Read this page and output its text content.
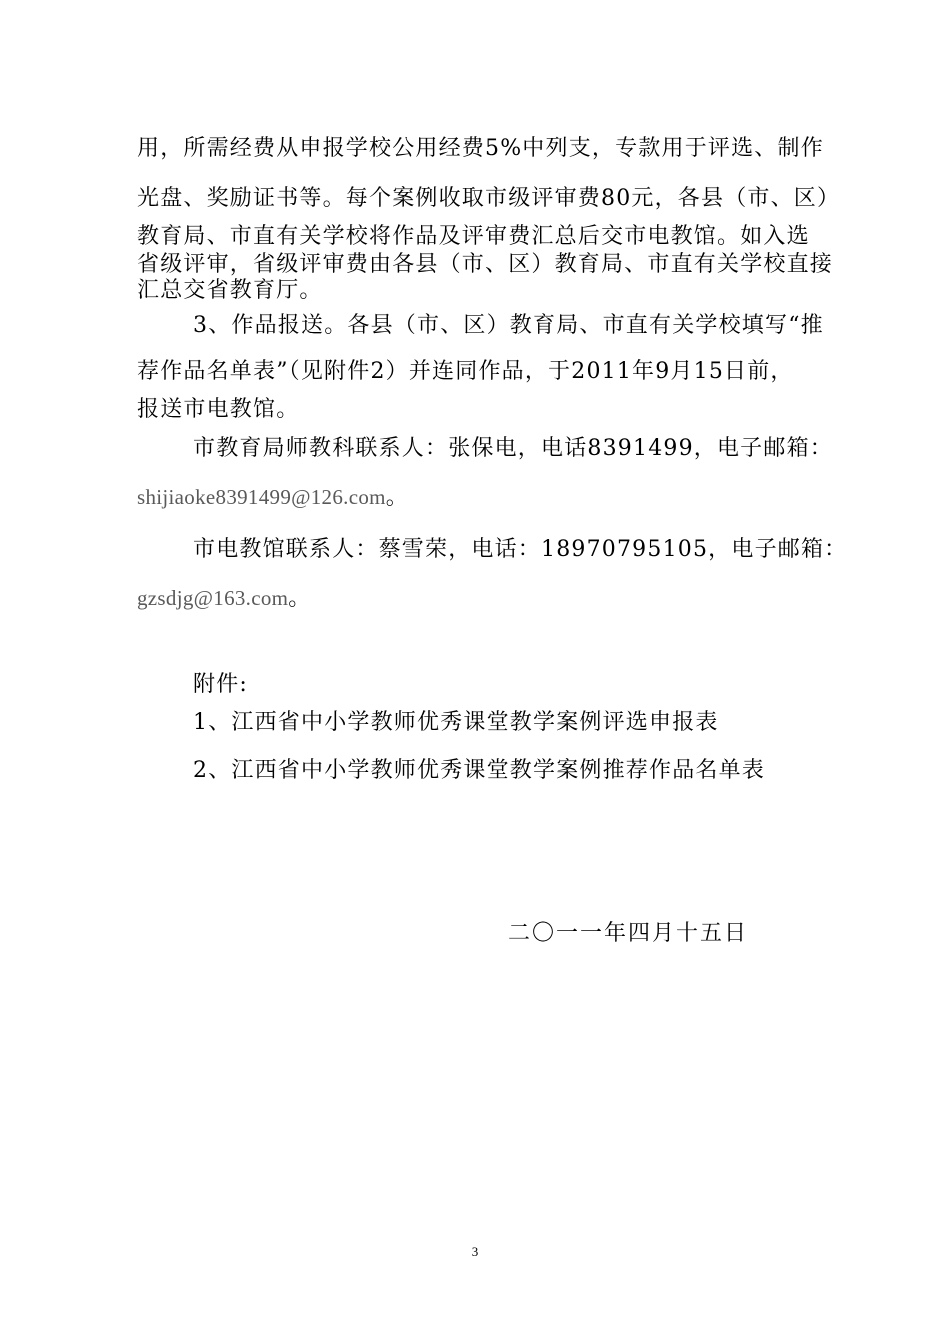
用，所需经费从申报学校公用经费5%中列支，专款用于评选、制作
光盘、奖励证书等。每个案例收取市级评审费80元，各县（市、区）
教育局、市直有关学校将作品及评审费汇总后交市电教馆。如入选
省级评审，省级评审费由各县（市、区）教育局、市直有关学校直接
汇总交省教育厅。
3、作品报送。各县（市、区）教育局、市直有关学校填写“推
荐作品名单表”（见附件2）并连同作品，于2011年9月15日前，
报送市电教馆。
市教育局师教科联系人：张保电，电话8391499，电子邮箱：
shijiaoke8391499@126.com。
市电教馆联系人：蔡雪荣，电话：18970795105，电子邮箱：
gzsdjg@163.com。
附件:
1、江西省中小学教师优秀课堂教学案例评选申报表
2、江西省中小学教师优秀课堂教学案例推荐作品名单表
二〇一一年四月十五日
3
